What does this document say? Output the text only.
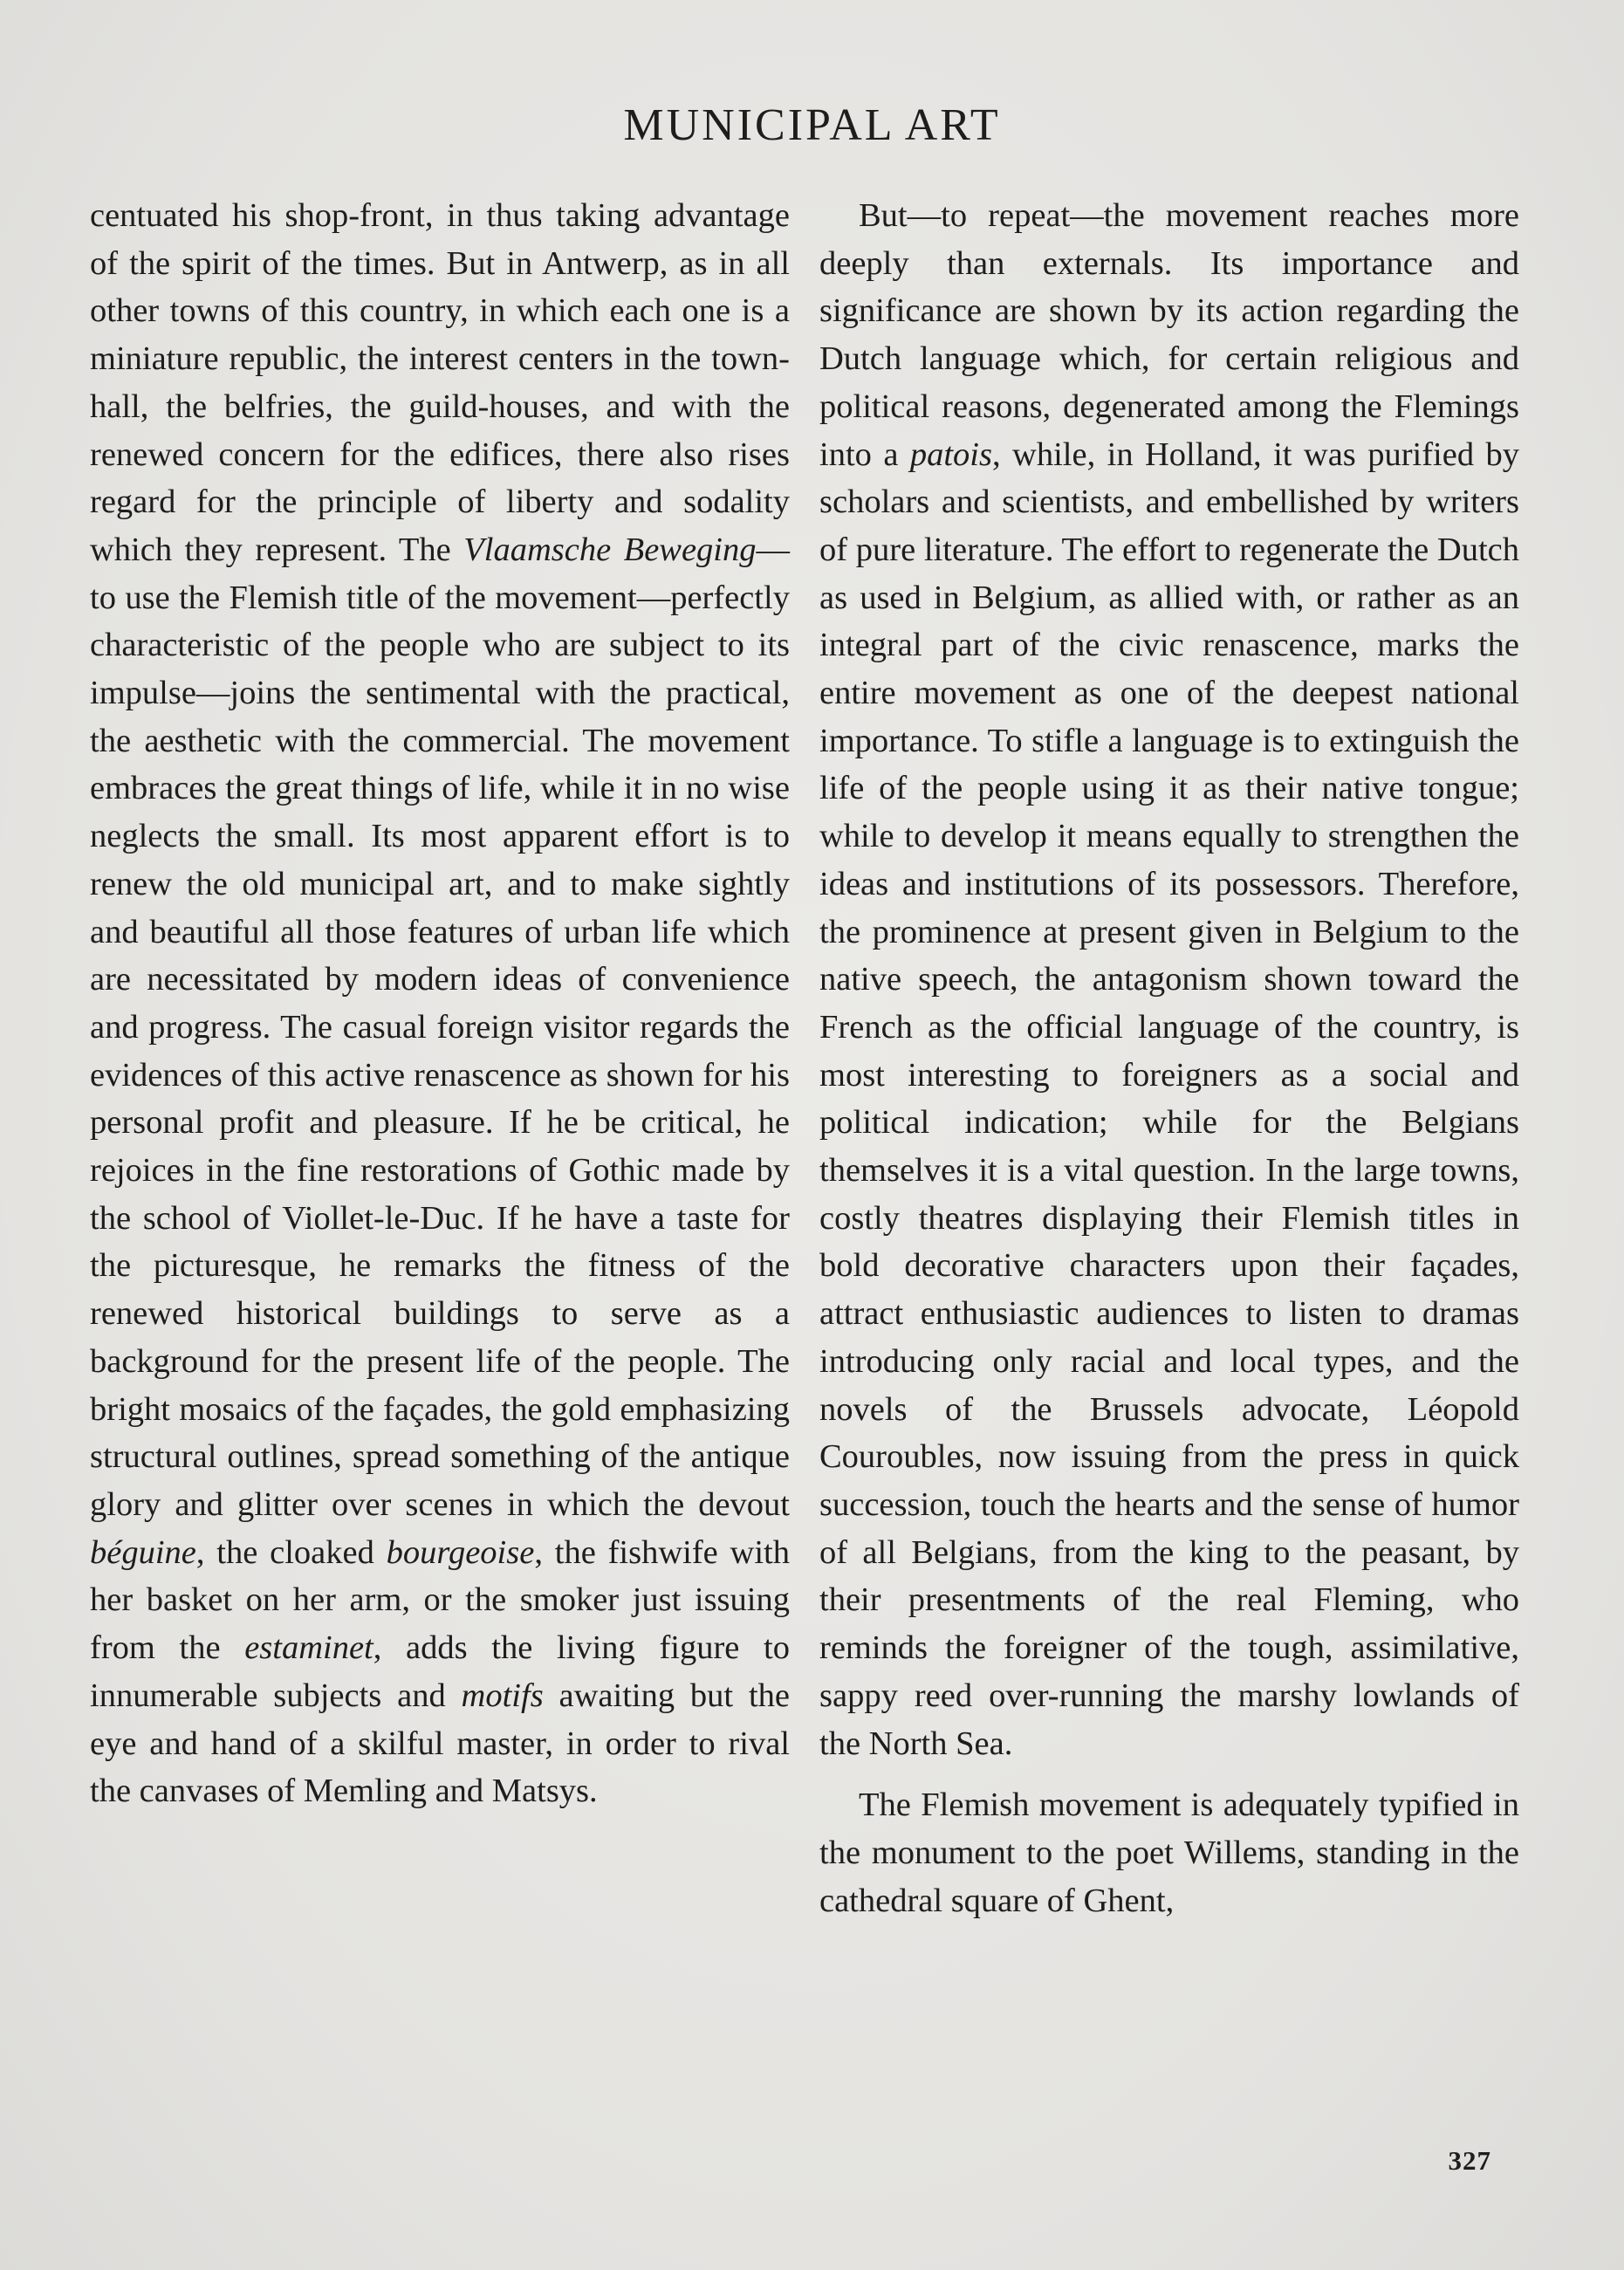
MUNICIPAL ART

centuated his shop-front, in thus taking advantage of the spirit of the times. But in Antwerp, as in all other towns of this country, in which each one is a miniature republic, the interest centers in the town-hall, the belfries, the guild-houses, and with the renewed concern for the edifices, there also rises regard for the principle of liberty and sodality which they represent. The Vlaamsche Beweging—to use the Flemish title of the movement—perfectly characteristic of the people who are subject to its impulse—joins the sentimental with the practical, the aesthetic with the commercial. The movement embraces the great things of life, while it in no wise neglects the small. Its most apparent effort is to renew the old municipal art, and to make sightly and beautiful all those features of urban life which are necessitated by modern ideas of convenience and progress. The casual foreign visitor regards the evidences of this active renascence as shown for his personal profit and pleasure. If he be critical, he rejoices in the fine restorations of Gothic made by the school of Viollet-le-Duc. If he have a taste for the picturesque, he remarks the fitness of the renewed historical buildings to serve as a background for the present life of the people. The bright mosaics of the façades, the gold emphasizing structural outlines, spread something of the antique glory and glitter over scenes in which the devout béguine, the cloaked bourgeoise, the fishwife with her basket on her arm, or the smoker just issuing from the estaminet, adds the living figure to innumerable subjects and motifs awaiting but the eye and hand of a skilful master, in order to rival the canvases of Memling and Matsys.

But—to repeat—the movement reaches more deeply than externals. Its importance and significance are shown by its action regarding the Dutch language which, for certain religious and political reasons, degenerated among the Flemings into a patois, while, in Holland, it was purified by scholars and scientists, and embellished by writers of pure literature. The effort to regenerate the Dutch as used in Belgium, as allied with, or rather as an integral part of the civic renascence, marks the entire movement as one of the deepest national importance. To stifle a language is to extinguish the life of the people using it as their native tongue; while to develop it means equally to strengthen the ideas and institutions of its possessors. Therefore, the prominence at present given in Belgium to the native speech, the antagonism shown toward the French as the official language of the country, is most interesting to foreigners as a social and political indication; while for the Belgians themselves it is a vital question. In the large towns, costly theatres displaying their Flemish titles in bold decorative characters upon their façades, attract enthusiastic audiences to listen to dramas introducing only racial and local types, and the novels of the Brussels advocate, Léopold Couroubles, now issuing from the press in quick succession, touch the hearts and the sense of humor of all Belgians, from the king to the peasant, by their presentments of the real Fleming, who reminds the foreigner of the tough, assimilative, sappy reed over-running the marshy lowlands of the North Sea.

The Flemish movement is adequately typified in the monument to the poet Willems, standing in the cathedral square of Ghent,

327
